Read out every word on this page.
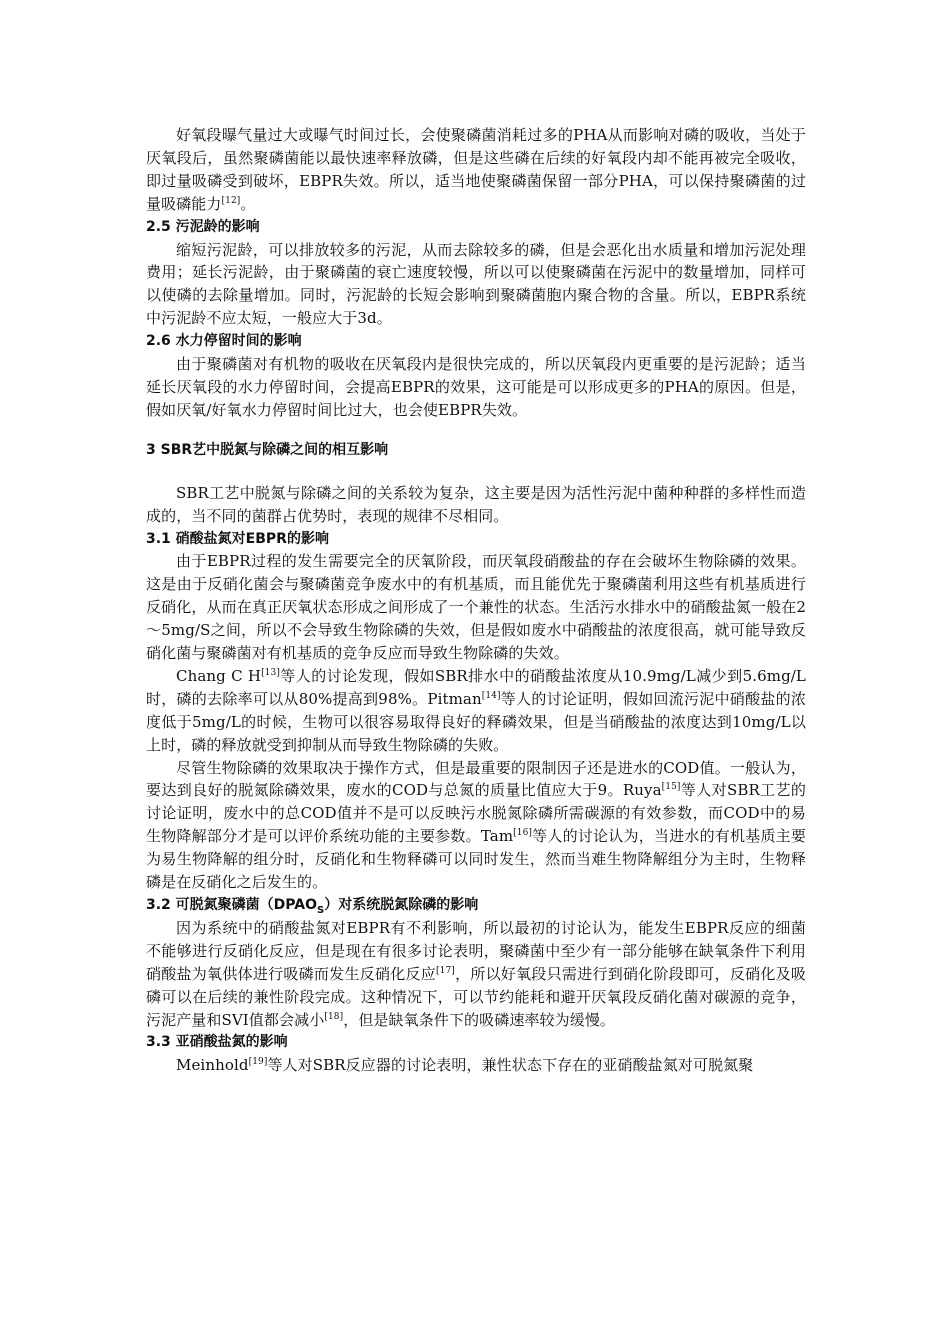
好氧段曝气量过大或曝气时间过长，会使聚磷菌消耗过多的PHA从而影响对磷的吸收，当处于厌氧段后，虽然聚磷菌能以最快速率释放磷，但是这些磷在后续的好氧段内却不能再被完全吸收，即过量吸磷受到破坏，EBPR失效。所以，适当地使聚磷菌保留一部分PHA，可以保持聚磷菌的过量吸磷能力[12]。

2.5 污泥龄的影响

缩短污泥龄，可以排放较多的污泥，从而去除较多的磷，但是会恶化出水质量和增加污泥处理费用；延长污泥龄，由于聚磷菌的衰亡速度较慢，所以可以使聚磷菌在污泥中的数量增加，同样可以使磷的去除量增加。同时，污泥龄的长短会影响到聚磷菌胞内聚合物的含量。所以，EBPR系统中污泥龄不应太短，一般应大于3d。

2.6 水力停留时间的影响

由于聚磷菌对有机物的吸收在厌氧段内是很快完成的，所以厌氧段内更重要的是污泥龄；适当延长厌氧段的水力停留时间，会提高EBPR的效果，这可能是可以形成更多的PHA的原因。但是，假如厌氧/好氧水力停留时间比过大，也会使EBPR失效。

3 SBR艺中脱氮与除磷之间的相互影响

SBR工艺中脱氮与除磷之间的关系较为复杂，这主要是因为活性污泥中菌种种群的多样性而造成的，当不同的菌群占优势时，表现的规律不尽相同。

3.1 硝酸盐氮对EBPR的影响

由于EBPR过程的发生需要完全的厌氧阶段，而厌氧段硝酸盐的存在会破坏生物除磷的效果。这是由于反硝化菌会与聚磷菌竞争废水中的有机基质，而且能优先于聚磷菌利用这些有机基质进行反硝化，从而在真正厌氧状态形成之间形成了一个兼性的状态。生活污水排水中的硝酸盐氮一般在2～5mg/S之间，所以不会导致生物除磷的失效，但是假如废水中硝酸盐的浓度很高，就可能导致反硝化菌与聚磷菌对有机基质的竞争反应而导致生物除磷的失效。

Chang C H[13]等人的讨论发现，假如SBR排水中的硝酸盐浓度从10.9mg/L减少到5.6mg/L时，磷的去除率可以从80%提高到98%。Pitman[14]等人的讨论证明，假如回流污泥中硝酸盐的浓度低于5mg/L的时候，生物可以很容易取得良好的释磷效果，但是当硝酸盐的浓度达到10mg/L以上时，磷的释放就受到抑制从而导致生物除磷的失败。

尽管生物除磷的效果取决于操作方式，但是最重要的限制因子还是进水的COD值。一般认为，要达到良好的脱氮除磷效果，废水的COD与总氮的质量比值应大于9。Ruya[15]等人对SBR工艺的讨论证明，废水中的总COD值并不是可以反映污水脱氮除磷所需碳源的有效参数，而COD中的易生物降解部分才是可以评价系统功能的主要参数。Tam[16]等人的讨论认为，当进水的有机基质主要为易生物降解的组分时，反硝化和生物释磷可以同时发生，然而当难生物降解组分为主时，生物释磷是在反硝化之后发生的。

3.2 可脱氮聚磷菌$(DPAO_S)$对系统脱氮除磷的影响

因为系统中的硝酸盐氮对EBPR有不利影响，所以最初的讨论认为，能发生EBPR反应的细菌不能够进行反硝化反应，但是现在有很多讨论表明，聚磷菌中至少有一部分能够在缺氧条件下利用硝酸盐为氧供体进行吸磷而发生反硝化反应[17]，所以好氧段只需进行到硝化阶段即可，反硝化及吸磷可以在后续的兼性阶段完成。这种情况下，可以节约能耗和避开厌氧段反硝化菌对碳源的竞争，污泥产量和SVI值都会减小[18]，但是缺氧条件下的吸磷速率较为缓慢。

3.3 亚硝酸盐氮的影响

Meinhold[19]等人对SBR反应器的讨论表明，兼性状态下存在的亚硝酸盐氮对可脱氮聚
